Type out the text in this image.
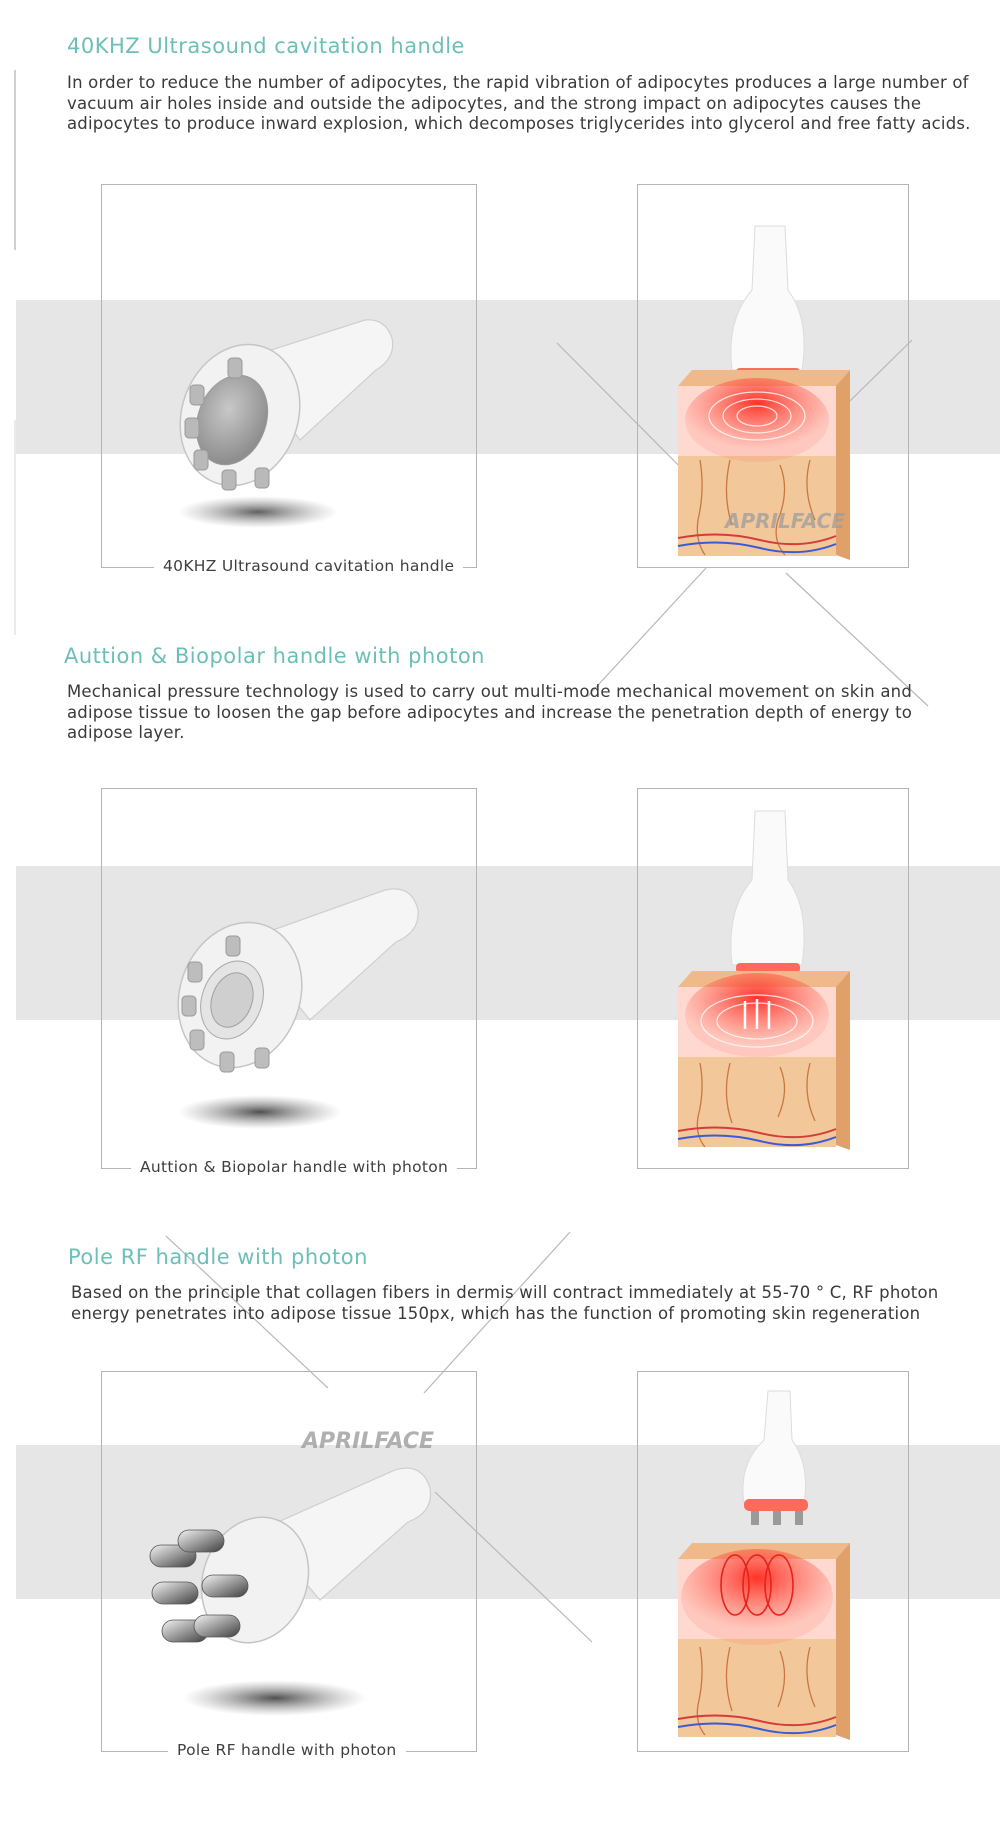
40KHZ Ultrasound cavitation handle

In order to reduce the number of adipocytes, the rapid vibration of adipocytes produces a large number of vacuum air holes inside and outside the adipocytes, and the strong impact on adipocytes causes the adipocytes to produce inward explosion, which decomposes triglycerides into glycerol and free fatty acids.

40KHZ Ultrasound cavitation handle
APRILFACE
Auttion & Biopolar handle with photon

Mechanical pressure technology is used to carry out multi-mode mechanical movement on skin and adipose tissue to loosen the gap before adipocytes and increase the penetration depth of energy to adipose layer.

Auttion & Biopolar handle with photon
Pole RF handle with photon

Based on the principle that collagen fibers in dermis will contract immediately at 55-70 ° C, RF photon energy penetrates into adipose tissue 150px, which has the function of promoting skin regeneration

Pole RF handle with photon
APRILFACE
